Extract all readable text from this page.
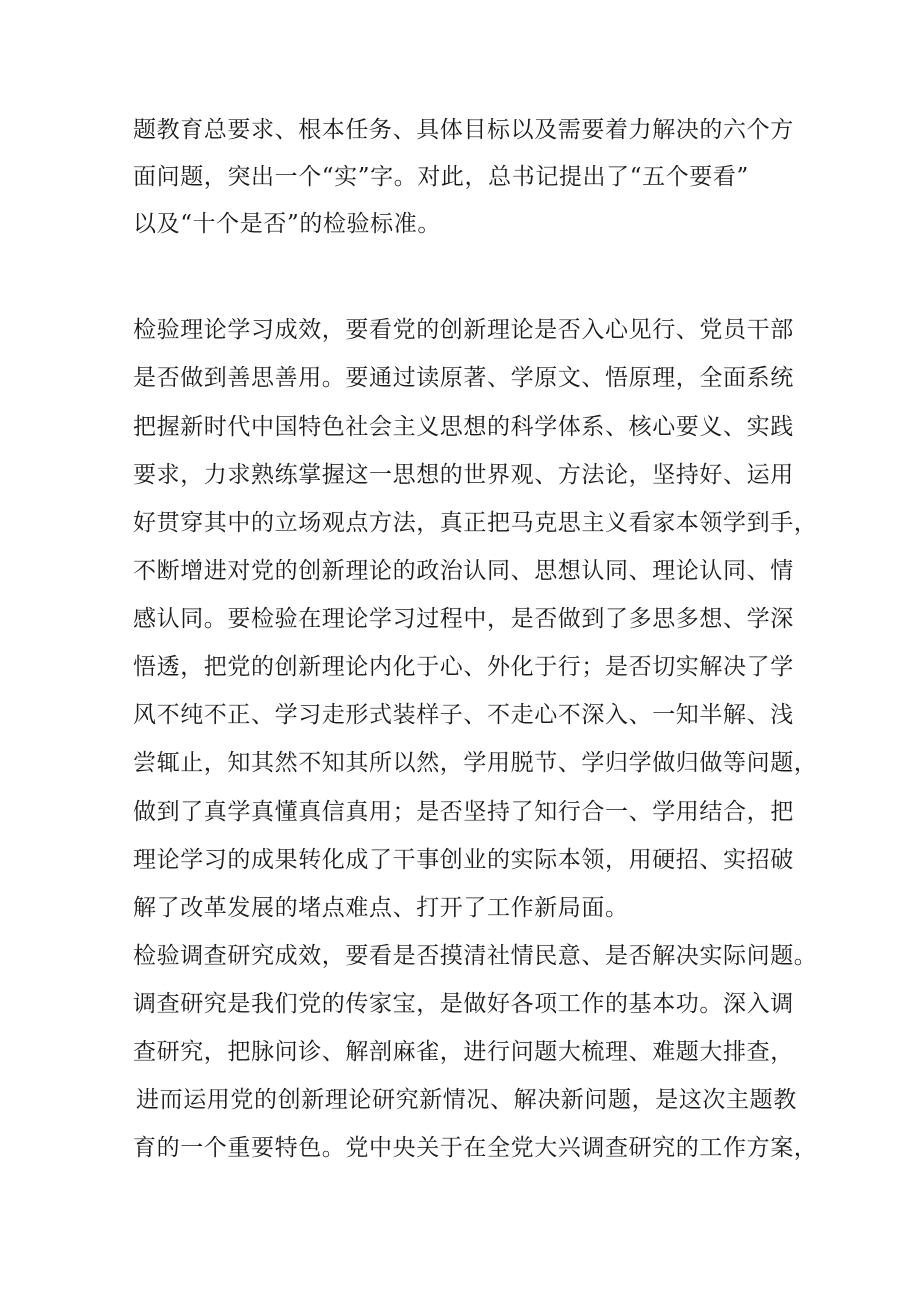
题教育总要求、根本任务、具体目标以及需要着力解决的六个方

面问题，突出一个“实”字。对此，总书记提出了“五个要看”

以及“十个是否”的检验标准。

检验理论学习成效，要看党的创新理论是否入心见行、党员干部

是否做到善思善用。要通过读原著、学原文、悟原理，全面系统

把握新时代中国特色社会主义思想的科学体系、核心要义、实践

要求，力求熟练掌握这一思想的世界观、方法论，坚持好、运用

好贯穿其中的立场观点方法，真正把马克思主义看家本领学到手，

不断增进对党的创新理论的政治认同、思想认同、理论认同、情

感认同。要检验在理论学习过程中，是否做到了多思多想、学深

悟透，把党的创新理论内化于心、外化于行；是否切实解决了学

风不纯不正、学习走形式装样子、不走心不深入、一知半解、浅

尝辄止，知其然不知其所以然，学用脱节、学归学做归做等问题，

做到了真学真懂真信真用；是否坚持了知行合一、学用结合，把

理论学习的成果转化成了干事创业的实际本领，用硬招、实招破

解了改革发展的堵点难点、打开了工作新局面。

检验调查研究成效，要看是否摸清社情民意、是否解决实际问题。

调查研究是我们党的传家宝，是做好各项工作的基本功。深入调

查研究，把脉问诊、解剖麻雀，进行问题大梳理、难题大排查，

进而运用党的创新理论研究新情况、解决新问题，是这次主题教

育的一个重要特色。党中央关于在全党大兴调查研究的工作方案，
